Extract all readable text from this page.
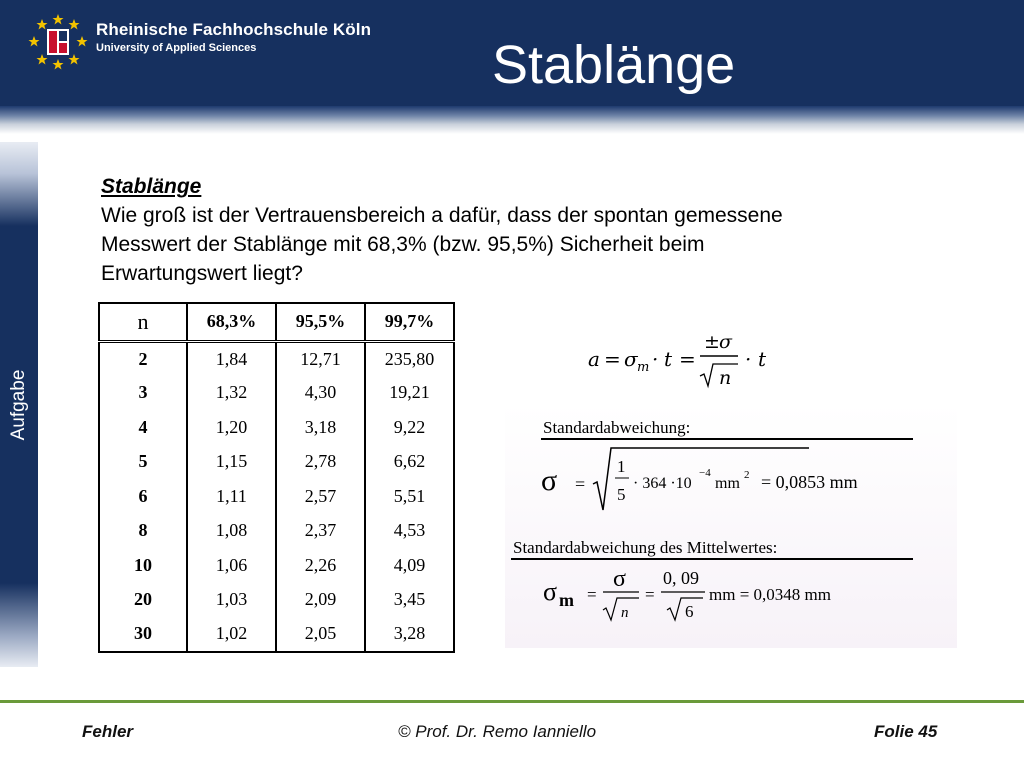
Rheinische Fachhochschule Köln
University of Applied Sciences	Stablänge
Aufgabe
Stablänge
Wie groß ist der Vertrauensbereich a dafür, dass der spontan gemessene Messwert der Stablänge mit 68,3% (bzw. 95,5%) Sicherheit beim Erwartungswert liegt?
n	68,3%	95,5%	99,7%
2	1,84	12,71	235,80
3	1,32	4,30	19,21
4	1,20	3,18	9,22
5	1,15	2,78	6,62
6	1,11	2,57	5,51
8	1,08	2,37	4,53
10	1,06	2,26	4,09
20	1,03	2,09	3,45
30	1,02	2,05	3,28
a = σ m · t =
± σ
n
· t
Standardabweichung:
σ =
1
5
· 364 ·10
−4
mm 2 = 0,0853 mm
Standardabweichung des Mittelwertes:
σ m =
σ
n
=
0, 09
6
mm = 0,0348 mm
Fehler	© Prof. Dr. Remo Ianniello	Folie 45
